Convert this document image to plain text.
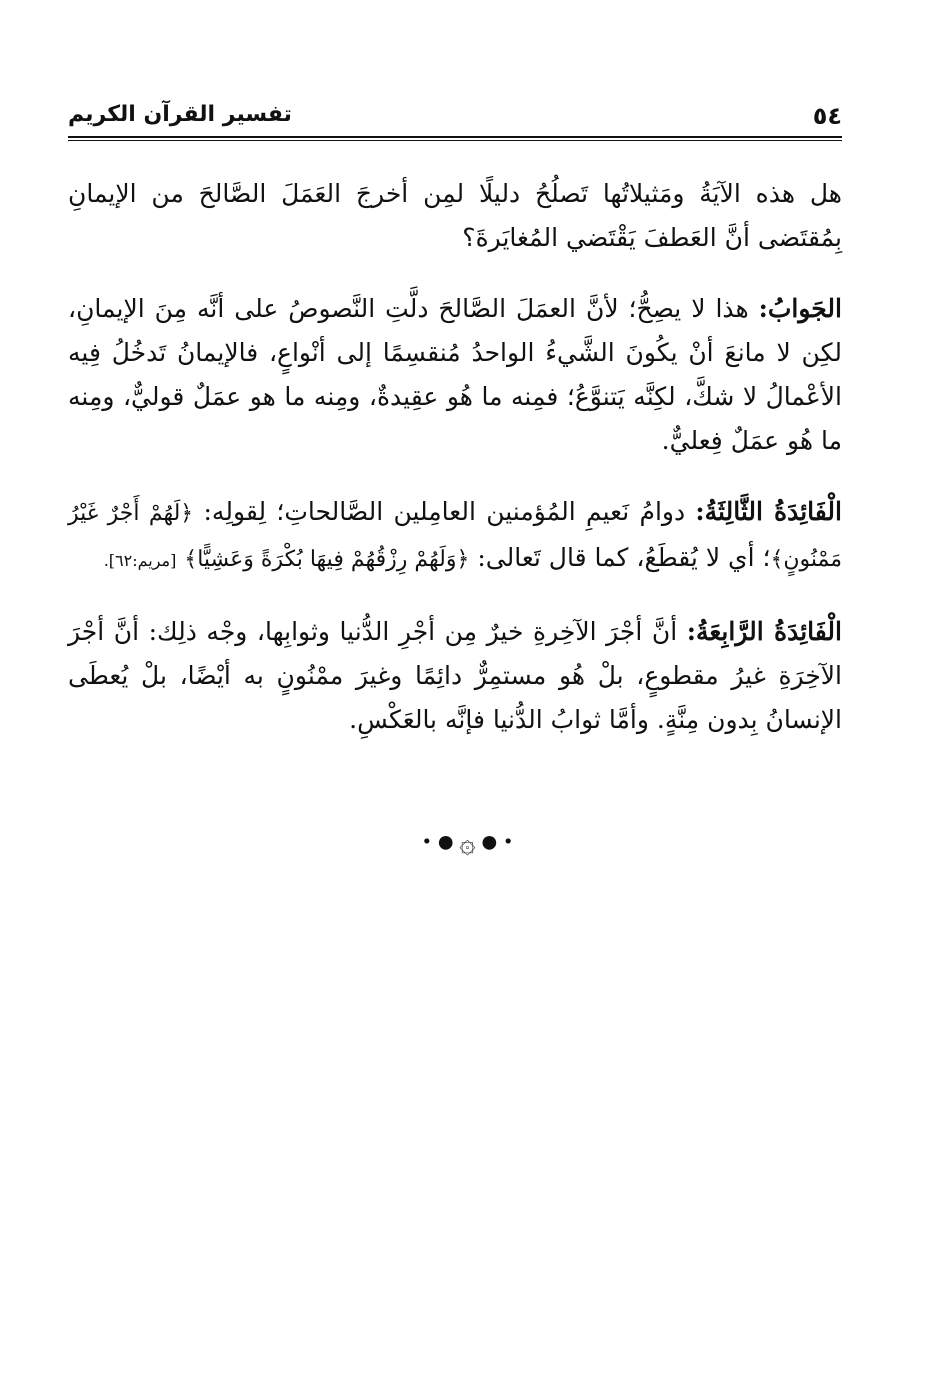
٥٤
تفسير القرآن الكريم

هل هذه الآيَةُ ومَثيلاتُها تَصلُحُ دليلًا لمِن أخرجَ العَمَلَ الصَّالحَ من الإيمانِ بِمُقتَضى أنَّ العَطفَ يَقْتَضي المُغايَرةَ؟

الجَوابُ: هذا لا يصِحُّ؛ لأنَّ العمَلَ الصَّالحَ دلَّتِ النَّصوصُ على أنَّه مِنَ الإيمانِ، لكِن لا مانعَ أنْ يكُونَ الشَّيءُ الواحدُ مُنقسِمًا إلى أنْواعٍ، فالإيمانُ تَدخُلُ فِيه الأعْمالُ لا شكَّ، لكِنَّه يَتنوَّعُ؛ فمِنه ما هُو عقِيدةٌ، ومِنه ما هو عمَلٌ قوليٌّ، ومِنه ما هُو عمَلٌ فِعليٌّ.

الْفَائِدَةُ الثَّالِثَةُ: دوامُ نَعيمِ المُؤمنين العامِلين الصَّالحاتِ؛ لِقولِه: ﴿لَهُمْ أَجْرٌ غَيْرُ مَمْنُونٍ﴾؛ أي لا يُقطَعُ، كما قال تَعالى: ﴿وَلَهُمْ رِزْقُهُمْ فِيهَا بُكْرَةً وَعَشِيًّا﴾ [مريم:٦٢].

الْفَائِدَةُ الرَّابِعَةُ: أنَّ أجْرَ الآخِرةِ خيرٌ مِن أجْرِ الدُّنيا وثوابِها، وجْه ذلِك: أنَّ أجْرَ الآخِرَةِ غيرُ مقطوعٍ، بلْ هُو مستمِرٌّ دائِمًا وغيرَ ممْنُونٍ به أيْضًا، بلْ يُعطَى الإنسانُ بِدون مِنَّةٍ. وأمَّا ثوابُ الدُّنيا فإنَّه بالعَكْسِ.

• ● ۞ ● •
